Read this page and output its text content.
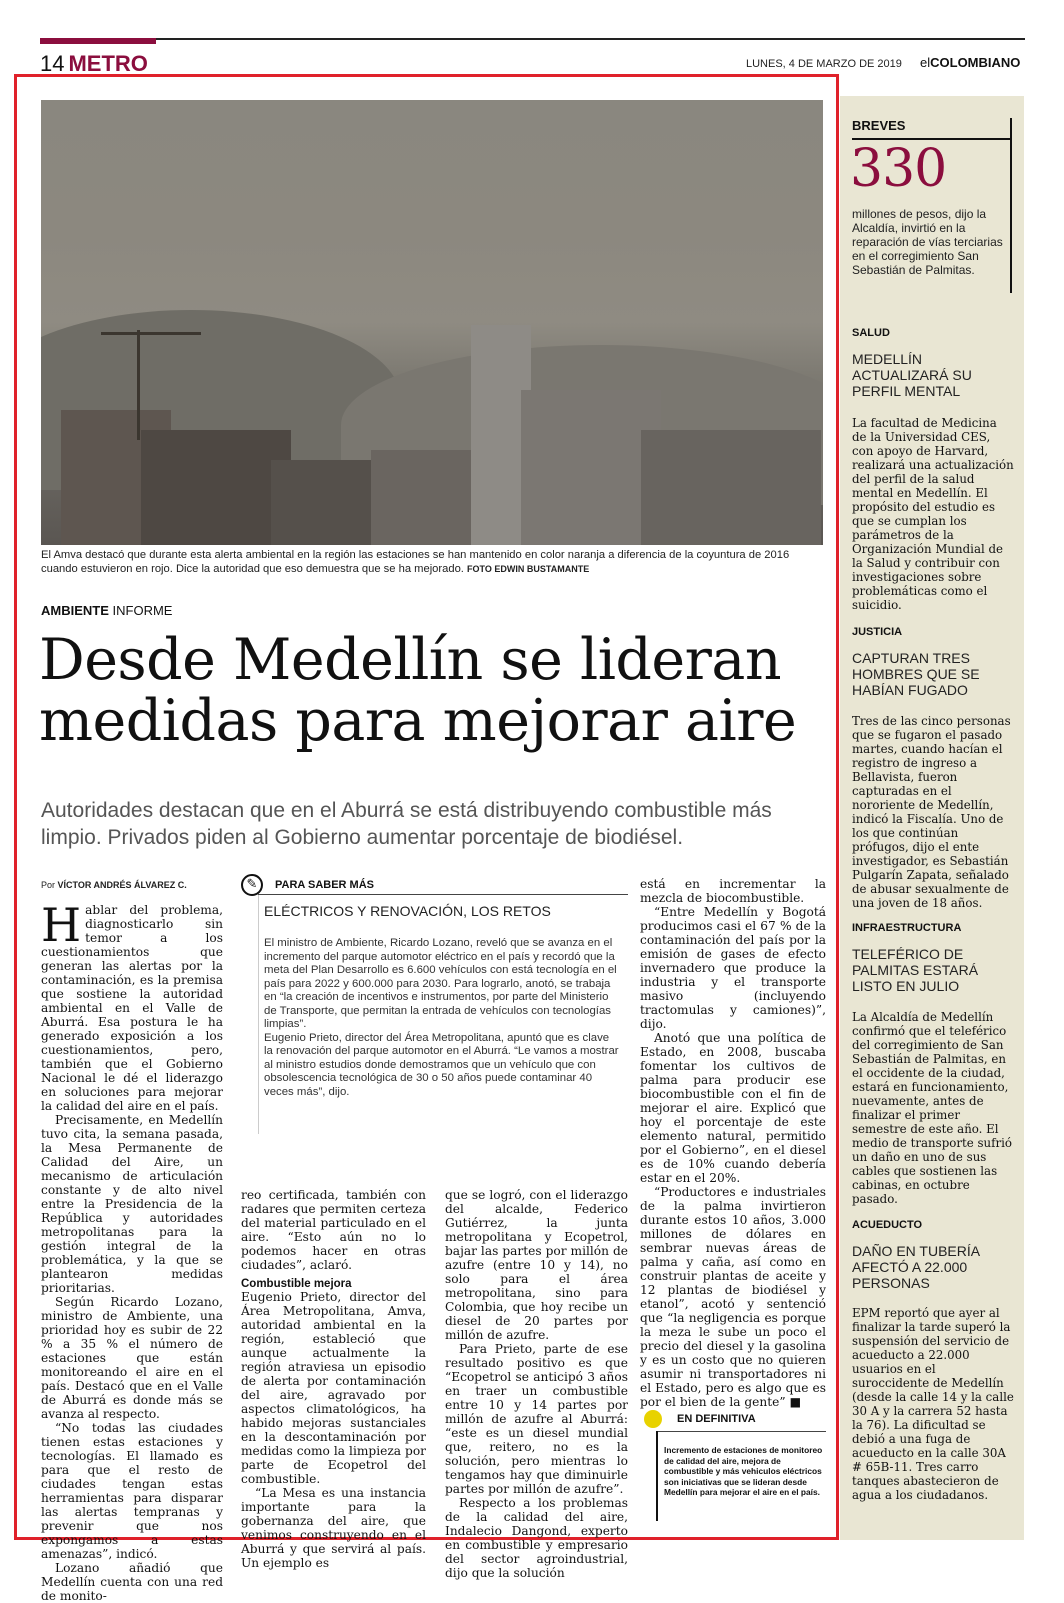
14 METRO	LUNES, 4 DE MARZO DE 2019 elCOLOMBIANO
El Amva destacó que durante esta alerta ambiental en la región las estaciones se han mantenido en color naranja a diferencia de la coyuntura de 2016 cuando estuvieron en rojo. Dice la autoridad que eso demuestra que se ha mejorado. FOTO EDWIN BUSTAMANTE
AMBIENTE INFORME
Desde Medellín se lideran medidas para mejorar aire
Autoridades destacan que en el Aburrá se está distribuyendo combustible más limpio. Privados piden al Gobierno aumentar porcentaje de biodiésel.
Por VÍCTOR ANDRÉS ÁLVAREZ C.

Hablar del problema, diagnosticarlo sin temor a los cuestionamientos que generan las alertas por la contaminación, es la premisa que sostiene la autoridad ambiental en el Valle de Aburrá. Esa postura le ha generado exposición a los cuestionamientos, pero, también que el Gobierno Nacional le dé el liderazgo en soluciones para mejorar la calidad del aire en el país.

Precisamente, en Medellín tuvo cita, la semana pasada, la Mesa Permanente de Calidad del Aire, un mecanismo de articulación constante y de alto nivel entre la Presidencia de la República y autoridades metropolitanas para la gestión integral de la problemática, y la que se plantearon medidas prioritarias.

Según Ricardo Lozano, ministro de Ambiente, una prioridad hoy es subir de 22 % a 35 % el número de estaciones que están monitoreando el aire en el país. Destacó que en el Valle de Aburrá es donde más se avanza al respecto.

“No todas las ciudades tienen estas estaciones y tecnologías. El llamado es para que el resto de ciudades tengan estas herramientas para disparar las alertas tempranas y prevenir que nos expongamos a estas amenazas”, indicó.

Lozano añadió que Medellín cuenta con una red de monito-

✎	PARA SABER MÁS
ELÉCTRICOS Y RENOVACIÓN, LOS RETOS

El ministro de Ambiente, Ricardo Lozano, reveló que se avanza en el incremento del parque automotor eléctrico en el país y recordó que la meta del Plan Desarrollo es 6.600 vehículos con está tecnología en el país para 2022 y 600.000 para 2030. Para lograrlo, anotó, se trabaja en “la creación de incentivos e instrumentos, por parte del Ministerio de Transporte, que permitan la entrada de vehículos con tecnologías limpias”.

Eugenio Prieto, director del Área Metropolitana, apuntó que es clave la renovación del parque automotor en el Aburrá. “Le vamos a mostrar al ministro estudios donde demostramos que un vehículo que con obsolescencia tecnológica de 30 o 50 años puede contaminar 40 veces más”, dijo.

reo certificada, también con radares que permiten certeza del material particulado en el aire. “Esto aún no lo podemos hacer en otras ciudades”, aclaró.

Combustible mejora

Eugenio Prieto, director del Área Metropolitana, Amva, autoridad ambiental en la región, estableció que aunque actualmente la región atraviesa un episodio de alerta por contaminación del aire, agravado por aspectos climatológicos, ha habido mejoras sustanciales en la descontaminación por medidas como la limpieza por parte de Ecopetrol del combustible.

“La Mesa es una instancia importante para la gobernanza del aire, que venimos construyendo en el Aburrá y que servirá al país. Un ejemplo es

que se logró, con el liderazgo del alcalde, Federico Gutiérrez, la junta metropolitana y Ecopetrol, bajar las partes por millón de azufre (entre 10 y 14), no solo para el área metropolitana, sino para Colombia, que hoy recibe un diesel de 20 partes por millón de azufre.

Para Prieto, parte de ese resultado positivo es que “Ecopetrol se anticipó 3 años en traer un combustible entre 10 y 14 partes por millón de azufre al Aburrá: “este es un diesel mundial que, reitero, no es la solución, pero mientras lo tengamos hay que diminuirle partes por millón de azufre”.

Respecto a los problemas de la calidad del aire, Indalecio Dangond, experto en combustible y empresario del sector agroindustrial, dijo que la solución

está en incrementar la mezcla de biocombustible.

“Entre Medellín y Bogotá producimos casi el 67 % de la contaminación del país por la emisión de gases de efecto invernadero que produce la industria y el transporte masivo (incluyendo tractomulas y camiones)”, dijo.

Anotó que una política de Estado, en 2008, buscaba fomentar los cultivos de palma para producir ese biocombustible con el fin de mejorar el aire. Explicó que hoy el porcentaje de este elemento natural, permitido por el Gobierno”, en el diesel es de 10% cuando debería estar en el 20%.

“Productores e industriales de la palma invirtieron durante estos 10 años, 3.000 millones de dólares en sembrar nuevas áreas de palma y caña, así como en construir plantas de aceite y 12 plantas de biodiésel y etanol”, acotó y sentenció que “la negligencia es porque la meza le sube un poco el precio del diesel y la gasolina y es un costo que no quieren asumir ni transportadores ni el Estado, pero es algo que es por el bien de la gente” ■

EN DEFINITIVA
Incremento de estaciones de monitoreo de calidad del aire, mejora de combustible y más vehiculos eléctricos son iniciativas que se lideran desde Medellín para mejorar el aire en el país.
BREVES
330
millones de pesos, dijo la Alcaldía, invirtió en la reparación de vías terciarias en el corregimiento San Sebastián de Palmitas.
SALUD
MEDELLÍN ACTUALIZARÁ SU PERFIL MENTAL
La facultad de Medicina de la Universidad CES, con apoyo de Harvard, realizará una actualización del perfil de la salud mental en Medellín. El propósito del estudio es que se cumplan los parámetros de la Organización Mundial de la Salud y contribuir con investigaciones sobre problemáticas como el suicidio.
JUSTICIA
CAPTURAN TRES HOMBRES QUE SE HABÍAN FUGADO
Tres de las cinco personas que se fugaron el pasado martes, cuando hacían el registro de ingreso a Bellavista, fueron capturadas en el nororiente de Medellín, indicó la Fiscalía. Uno de los que continúan prófugos, dijo el ente investigador, es Sebastián Pulgarín Zapata, señalado de abusar sexualmente de una joven de 18 años.
INFRAESTRUCTURA
TELEFÉRICO DE PALMITAS ESTARÁ LISTO EN JULIO
La Alcaldía de Medellín confirmó que el teleférico del corregimiento de San Sebastián de Palmitas, en el occidente de la ciudad, estará en funcionamiento, nuevamente, antes de finalizar el primer semestre de este año. El medio de transporte sufrió un daño en uno de sus cables que sostienen las cabinas, en octubre pasado.
ACUEDUCTO
DAÑO EN TUBERÍA AFECTÓ A 22.000 PERSONAS
EPM reportó que ayer al finalizar la tarde superó la suspensión del servicio de acueducto a 22.000 usuarios en el suroccidente de Medellín (desde la calle 14 y la calle 30 A y la carrera 52 hasta la 76). La dificultad se debió a una fuga de acueducto en la calle 30A # 65B-11. Tres carro tanques abastecieron de agua a los ciudadanos.
